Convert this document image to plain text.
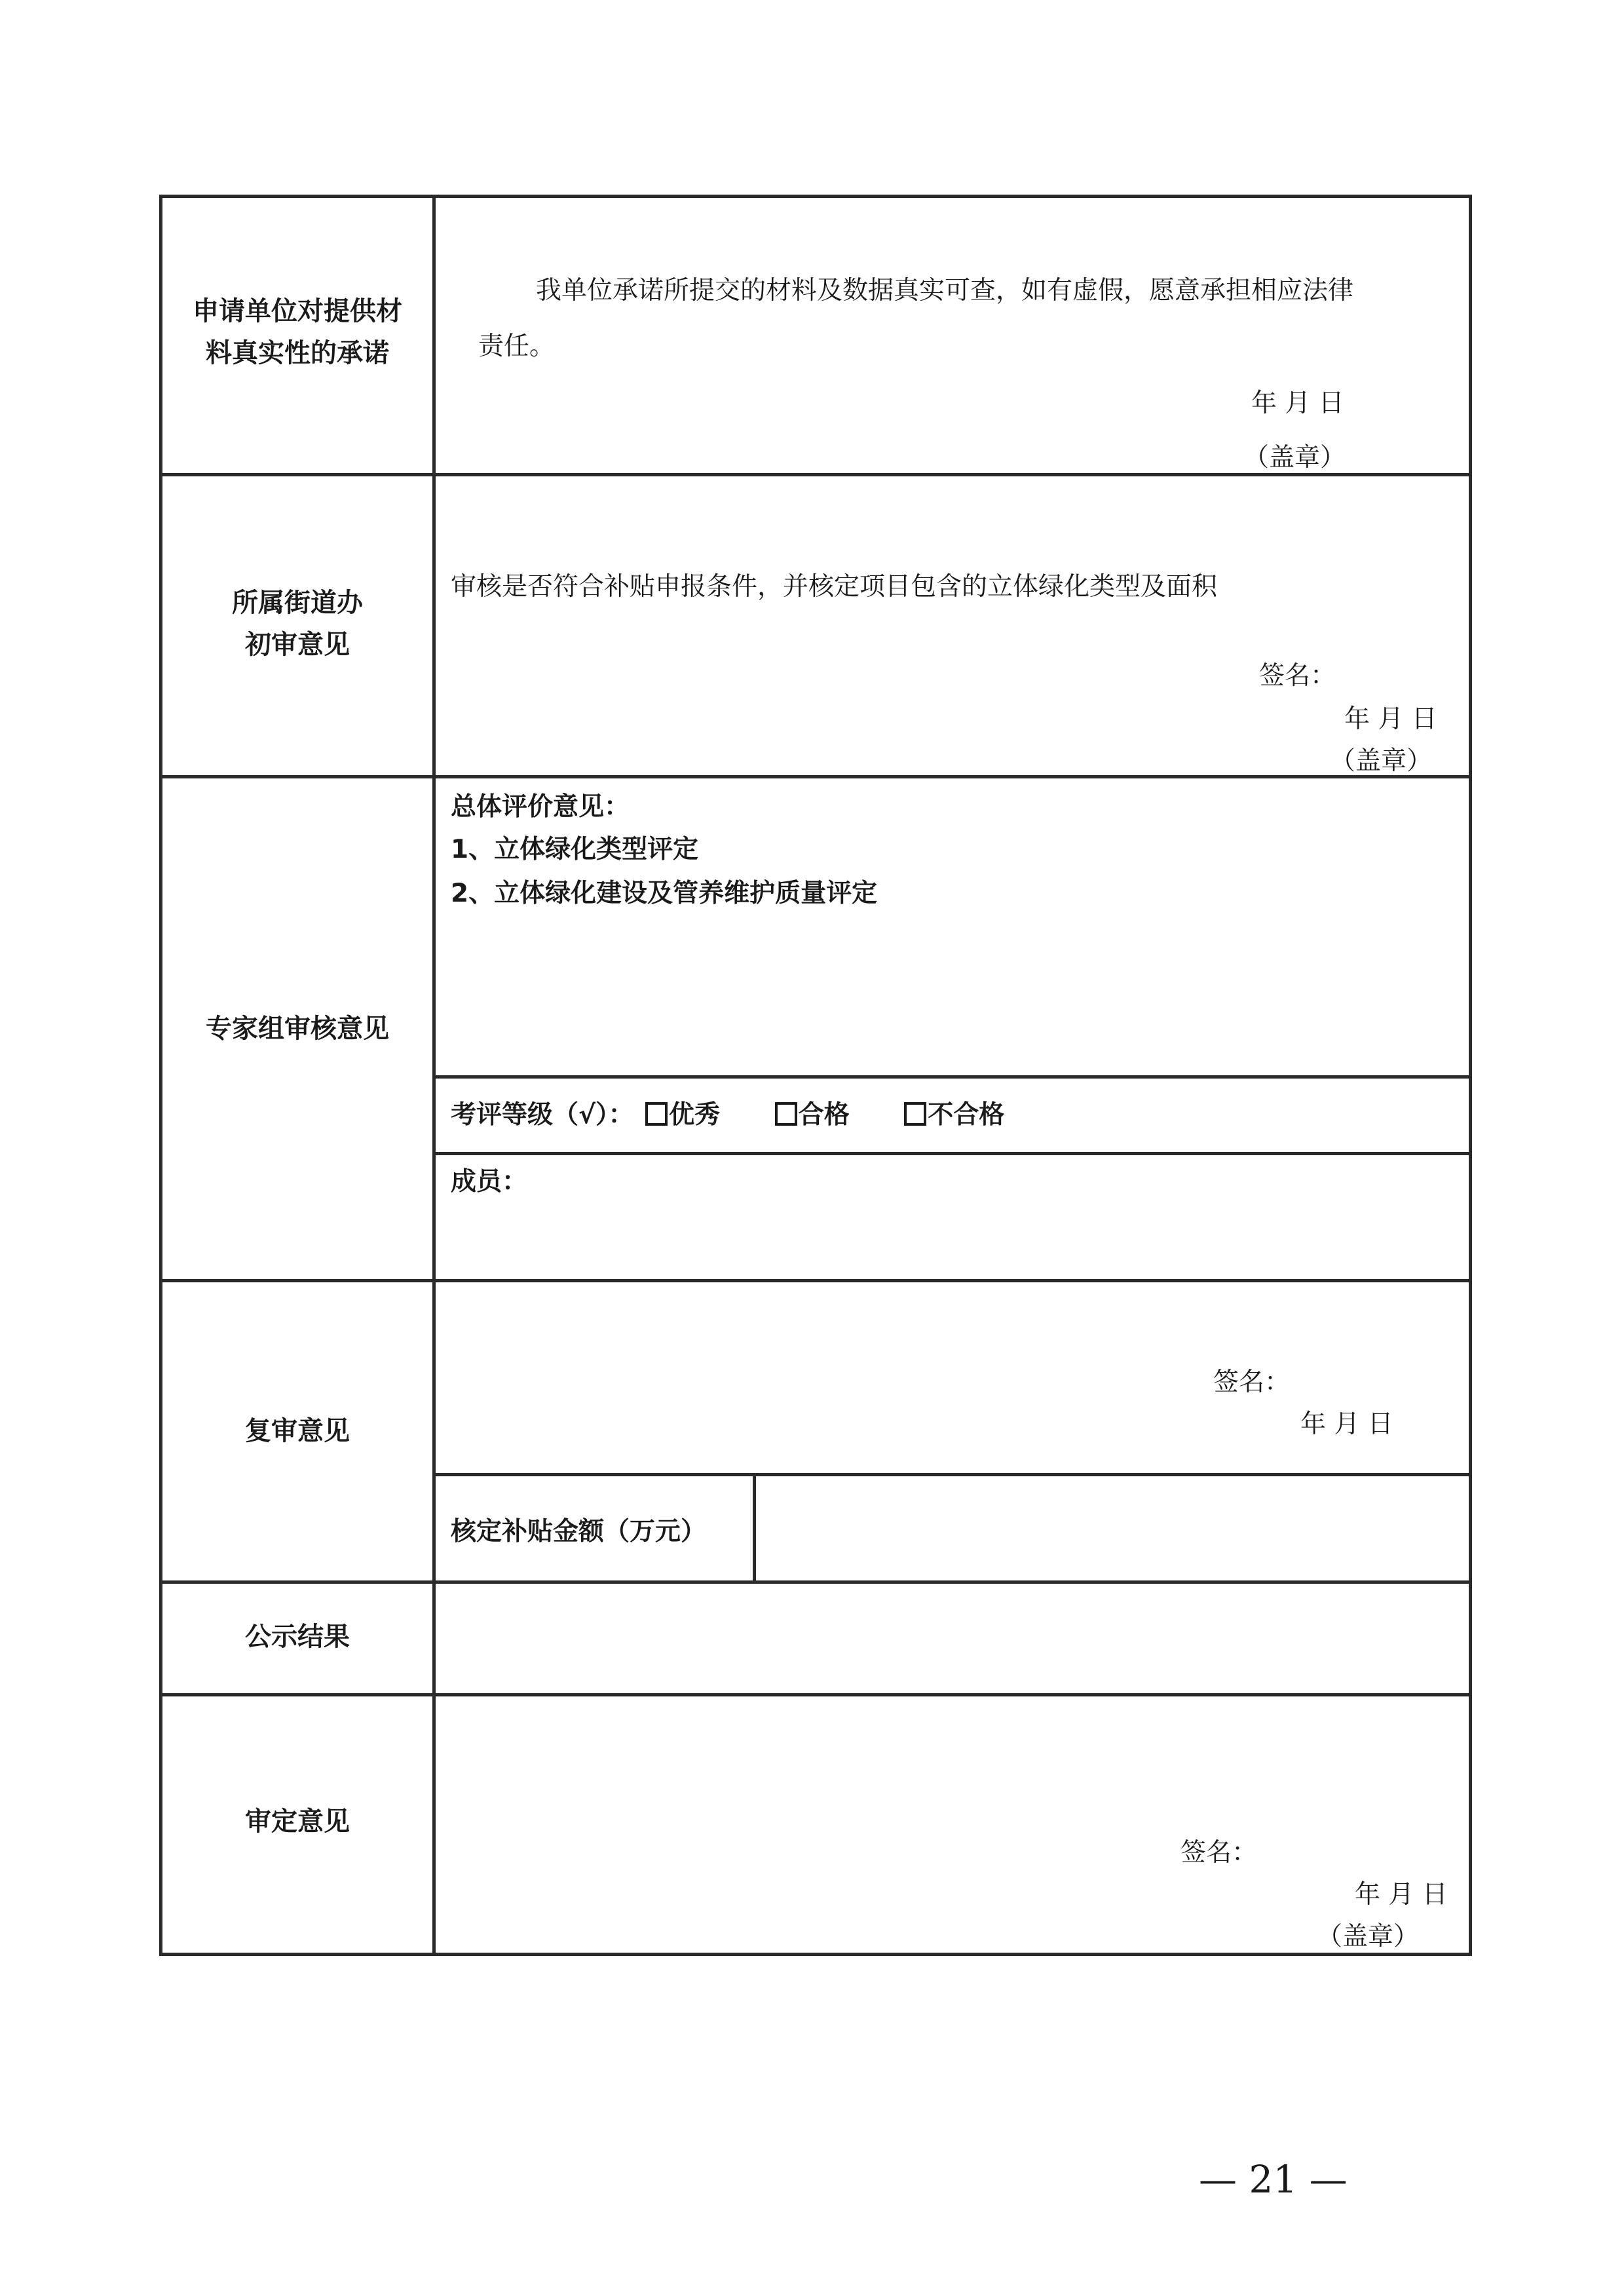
申请单位对提供材
料真实性的承诺
我单位承诺所提交的材料及数据真实可查，如有虚假，愿意承担相应法律
责任。
年 月 日
（盖章）
所属街道办
初审意见
审核是否符合补贴申报条件，并核定项目包含的立体绿化类型及面积
签名：
年 月 日
（盖章）
专家组审核意见
总体评价意见：
1、立体绿化类型评定
2、立体绿化建设及管养维护质量评定
考评等级（√）： 优秀	合格	不合格
成员：
复审意见
签名：
年 月 日
核定补贴金额（万元）
公示结果
审定意见
签名：
年 月 日
（盖章）
— 21 —
